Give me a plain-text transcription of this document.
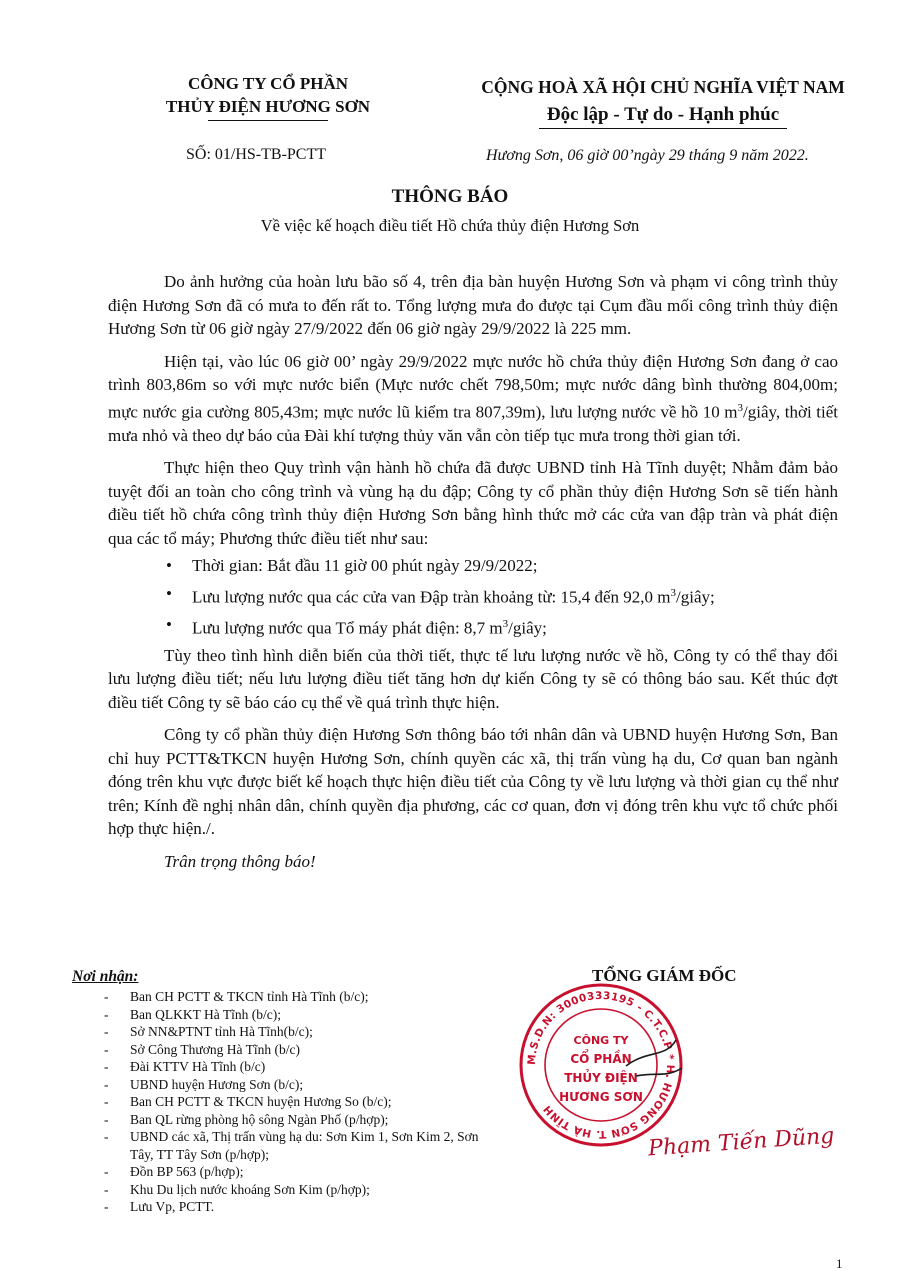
CÔNG TY CỔ PHẦN
THỦY ĐIỆN HƯƠNG SƠN
CỘNG HOÀ XÃ HỘI CHỦ NGHĨA VIỆT NAM
Độc lập - Tự do - Hạnh phúc
SỐ: 01/HS-TB-PCTT	Hương Sơn, 06 giờ 00’ngày 29 tháng 9 năm 2022.
THÔNG BÁO
Về việc kế hoạch điều tiết Hồ chứa thủy điện Hương Sơn

Do ảnh hưởng của hoàn lưu bão số 4, trên địa bàn huyện Hương Sơn và phạm vi công trình thủy điện Hương Sơn đã có mưa to đến rất to. Tổng lượng mưa đo được tại Cụm đầu mối công trình thủy điện Hương Sơn từ 06 giờ ngày 27/9/2022 đến 06 giờ ngày 29/9/2022 là 225 mm.

Hiện tại, vào lúc 06 giờ 00’ ngày 29/9/2022 mực nước hồ chứa thủy điện Hương Sơn đang ở cao trình 803,86m so với mực nước biển (Mực nước chết 798,50m; mực nước dâng bình thường 804,00m; mực nước gia cường 805,43m; mực nước lũ kiểm tra 807,39m), lưu lượng nước về hồ 10 $m^3$/giây, thời tiết mưa nhỏ và theo dự báo của Đài khí tượng thủy văn vẫn còn tiếp tục mưa trong thời gian tới.

Thực hiện theo Quy trình vận hành hồ chứa đã được UBND tỉnh Hà Tĩnh duyệt; Nhằm đảm bảo tuyệt đối an toàn cho công trình và vùng hạ du đập; Công ty cổ phần thủy điện Hương Sơn sẽ tiến hành điều tiết hồ chứa công trình thủy điện Hương Sơn bằng hình thức mở các cửa van đập tràn và phát điện qua các tổ máy; Phương thức điều tiết như sau:

• Thời gian: Bắt đầu 11 giờ 00 phút ngày 29/9/2022;
• Lưu lượng nước qua các cửa van Đập tràn khoảng từ: 15,4 đến 92,0 $m^3$/giây;
• Lưu lượng nước qua Tổ máy phát điện: 8,7 $m^3$/giây;

Tùy theo tình hình diễn biến của thời tiết, thực tế lưu lượng nước về hồ, Công ty có thể thay đổi lưu lượng điều tiết; nếu lưu lượng điều tiết tăng hơn dự kiến Công ty sẽ có thông báo sau. Kết thúc đợt điều tiết Công ty sẽ báo cáo cụ thể về quá trình thực hiện.

Công ty cổ phần thủy điện Hương Sơn thông báo tới nhân dân và UBND huyện Hương Sơn, Ban chỉ huy PCTT&TKCN huyện Hương Sơn, chính quyền các xã, thị trấn vùng hạ du, Cơ quan ban ngành đóng trên khu vực được biết kế hoạch thực hiện điều tiết của Công ty về lưu lượng và thời gian cụ thể như trên; Kính đề nghị nhân dân, chính quyền địa phương, các cơ quan, đơn vị đóng trên khu vực tổ chức phối hợp thực hiện./.

Trân trọng thông báo!
Nơi nhận:
- Ban CH PCTT & TKCN tỉnh Hà Tĩnh (b/c);
- Ban QLKKT Hà Tĩnh (b/c);
- Sở NN&PTNT tỉnh Hà Tĩnh(b/c);
- Sở Công Thương Hà Tĩnh (b/c)
- Đài KTTV Hà Tĩnh (b/c)
- UBND huyện Hương Sơn (b/c);
- Ban CH PCTT & TKCN huyện Hương So (b/c);
- Ban QL rừng phòng hộ sông Ngàn Phố (p/hợp);
- UBND các xã, Thị trấn vùng hạ du: Sơn Kim 1, Sơn Kim 2, Sơn Tây, TT Tây Sơn (p/hợp);
- Đồn BP 563 (p/hợp);
- Khu Du lịch nước khoáng Sơn Kim (p/hợp);
- Lưu Vp, PCTT.
TỔNG GIÁM ĐỐC
M.S.D.N: 3000333195 - C.T.C.P * H. HƯƠNG SƠN T. HÀ TĨNH
CÔNG TY
CỔ PHẦN
THỦY ĐIỆN
HƯƠNG SƠN
Phạm Tiến Dũng
1
